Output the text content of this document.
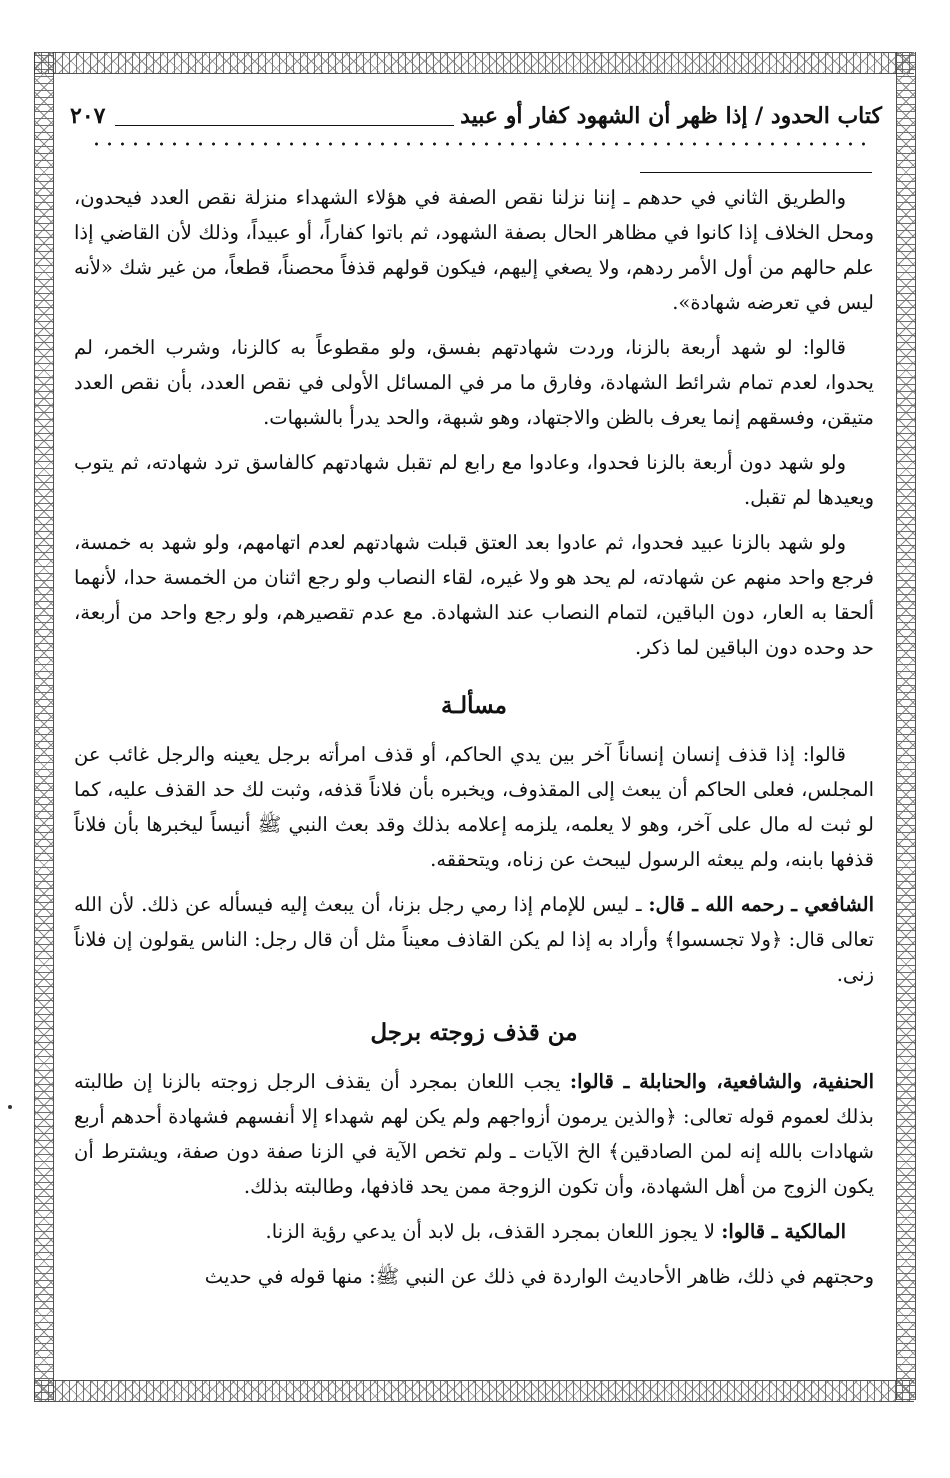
كتاب الحدود / إذا ظهر أن الشهود كفار أو عبيد
٢٠٧

والطريق الثاني في حدهم ـ إننا نزلنا نقص الصفة في هؤلاء الشهداء منزلة نقص العدد فيحدون، ومحل الخلاف إذا كانوا في مظاهر الحال بصفة الشهود، ثم باتوا كفاراً، أو عبيداً، وذلك لأن القاضي إذا علم حالهم من أول الأمر ردهم، ولا يصغي إليهم، فيكون قولهم قذفاً محصناً، قطعاً، من غير شك «لأنه ليس في تعرضه شهادة».

قالوا: لو شهد أربعة بالزنا، وردت شهادتهم بفسق، ولو مقطوعاً به كالزنا، وشرب الخمر، لم يحدوا، لعدم تمام شرائط الشهادة، وفارق ما مر في المسائل الأولى في نقص العدد، بأن نقص العدد متيقن، وفسقهم إنما يعرف بالظن والاجتهاد، وهو شبهة، والحد يدرأ بالشبهات.

ولو شهد دون أربعة بالزنا فحدوا، وعادوا مع رابع لم تقبل شهادتهم كالفاسق ترد شهادته، ثم يتوب ويعيدها لم تقبل.

ولو شهد بالزنا عبيد فحدوا، ثم عادوا بعد العتق قبلت شهادتهم لعدم اتهامهم، ولو شهد به خمسة، فرجع واحد منهم عن شهادته، لم يحد هو ولا غيره، لقاء النصاب ولو رجع اثنان من الخمسة حدا، لأنهما ألحقا به العار، دون الباقين، لتمام النصاب عند الشهادة. مع عدم تقصيرهم، ولو رجع واحد من أربعة، حد وحده دون الباقين لما ذكر.

مسألـة

قالوا: إذا قذف إنسان إنساناً آخر بين يدي الحاكم، أو قذف امرأته برجل يعينه والرجل غائب عن المجلس، فعلى الحاكم أن يبعث إلى المقذوف، ويخبره بأن فلاناً قذفه، وثبت لك حد القذف عليه، كما لو ثبت له مال على آخر، وهو لا يعلمه، يلزمه إعلامه بذلك وقد بعث النبي ﷺ أنيساً ليخبرها بأن فلاناً قذفها بابنه، ولم يبعثه الرسول ليبحث عن زناه، ويتحققه.

الشافعي ـ رحمه الله ـ قال: ـ ليس للإمام إذا رمي رجل بزنا، أن يبعث إليه فيسأله عن ذلك. لأن الله تعالى قال: ﴿ولا تجسسوا﴾ وأراد به إذا لم يكن القاذف معيناً مثل أن قال رجل: الناس يقولون إن فلاناً زنى.

من قذف زوجته برجل

الحنفية، والشافعية، والحنابلة ـ قالوا: يجب اللعان بمجرد أن يقذف الرجل زوجته بالزنا إن طالبته بذلك لعموم قوله تعالى: ﴿والذين يرمون أزواجهم ولم يكن لهم شهداء إلا أنفسهم فشهادة أحدهم أربع شهادات بالله إنه لمن الصادقين﴾ الخ الآيات ـ ولم تخص الآية في الزنا صفة دون صفة، ويشترط أن يكون الزوج من أهل الشهادة، وأن تكون الزوجة ممن يحد قاذفها، وطالبته بذلك.

المالكية ـ قالوا: لا يجوز اللعان بمجرد القذف، بل لابد أن يدعي رؤية الزنا.

وحجتهم في ذلك، ظاهر الأحاديث الواردة في ذلك عن النبي ﷺ: منها قوله في حديث
